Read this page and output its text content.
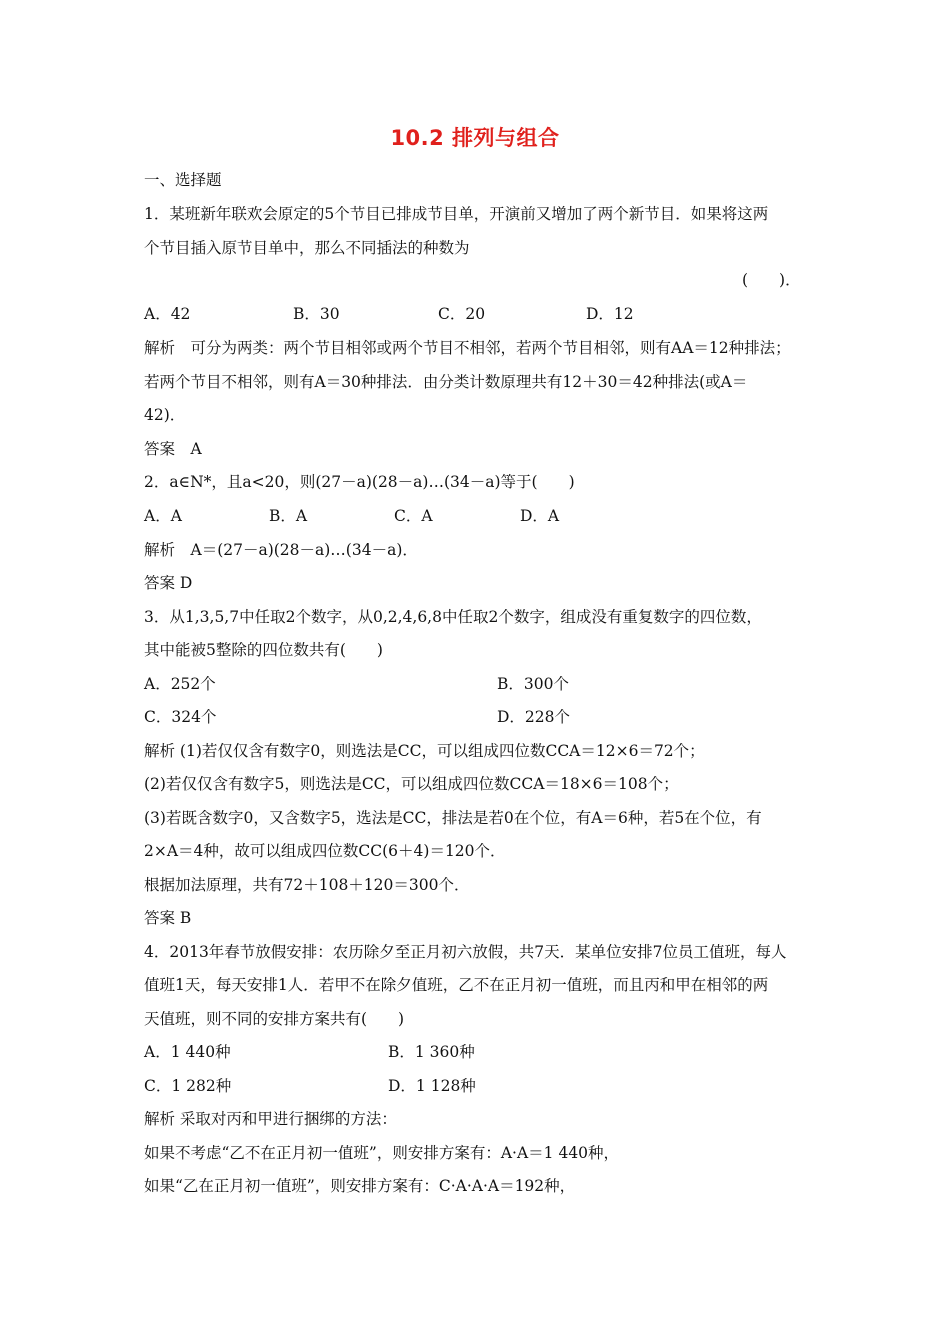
10.2 排列与组合
一、选择题
1．某班新年联欢会原定的5个节目已排成节目单，开演前又增加了两个新节目．如果将这两
个节目插入原节目单中，那么不同插法的种数为
(　　)．
A．42	B．30	C．20	D．12
解析　可分为两类：两个节目相邻或两个节目不相邻，若两个节目相邻，则有AA＝12种排法；
若两个节目不相邻，则有A＝30种排法．由分类计数原理共有12＋30＝42种排法(或A＝
42)．
答案　A
2．a∈N*，且a<20，则(27－a)(28－a)…(34－a)等于(　　)
A．A	B．A	C．A	D．A
解析　A＝(27－a)(28－a)…(34－a)．
答案 D
3．从1,3,5,7中任取2个数字，从0,2,4,6,8中任取2个数字，组成没有重复数字的四位数，
其中能被5整除的四位数共有(　　)
A．252个	B．300个
C．324个	D．228个
解析 (1)若仅仅含有数字0，则选法是CC，可以组成四位数CCA＝12×6＝72个；
(2)若仅仅含有数字5，则选法是CC，可以组成四位数CCA＝18×6＝108个；
(3)若既含数字0，又含数字5，选法是CC，排法是若0在个位，有A＝6种，若5在个位，有
2×A＝4种，故可以组成四位数CC(6＋4)＝120个．
根据加法原理，共有72＋108＋120＝300个．
答案 B
4．2013年春节放假安排：农历除夕至正月初六放假，共7天．某单位安排7位员工值班，每人
值班1天，每天安排1人．若甲不在除夕值班，乙不在正月初一值班，而且丙和甲在相邻的两
天值班，则不同的安排方案共有(　　)
A．1 440种	B．1 360种
C．1 282种	D．1 128种
解析 采取对丙和甲进行捆绑的方法：
如果不考虑“乙不在正月初一值班”，则安排方案有：A·A＝1 440种，
如果“乙在正月初一值班”，则安排方案有：C·A·A·A＝192种，
